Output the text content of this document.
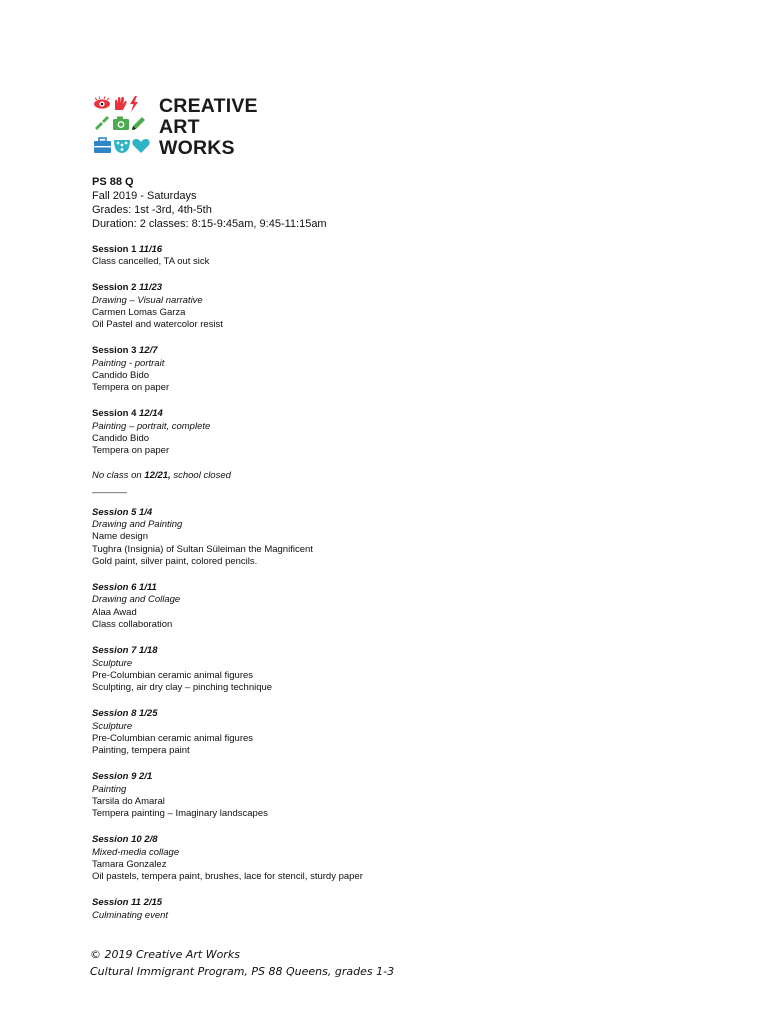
CREATIVE
ART
WORKS
PS 88 Q
Fall 2019 - Saturdays
Grades: 1st -3rd, 4th-5th
Duration: 2 classes: 8:15-9:45am, 9:45-11:15am
Session 1 11/16
Class cancelled, TA out sick
Session 2 11/23
Drawing – Visual narrative
Carmen Lomas Garza
Oil Pastel and watercolor resist
Session 3 12/7
Painting - portrait
Candido Bido
Tempera on paper
Session 4 12/14
Painting – portrait, complete
Candido Bido
Tempera on paper
No class on 12/21, school closed
————
Session 5 1/4
Drawing and Painting
Name design
Tughra (Insignia) of Sultan Süleiman the Magnificent
Gold paint, silver paint, colored pencils.
Session 6 1/11
Drawing and Collage
Alaa Awad
Class collaboration
Session 7 1/18
Sculpture
Pre-Columbian ceramic animal figures
Sculpting, air dry clay – pinching technique
Session 8 1/25
Sculpture
Pre-Columbian ceramic animal figures
Painting, tempera paint
Session 9 2/1
Painting
Tarsila do Amaral
Tempera painting – Imaginary landscapes
Session 10 2/8
Mixed-media collage
Tamara Gonzalez
Oil pastels, tempera paint, brushes, lace for stencil, sturdy paper
Session 11 2/15
Culminating event
© 2019 Creative Art Works
Cultural Immigrant Program, PS 88 Queens, grades 1-3
